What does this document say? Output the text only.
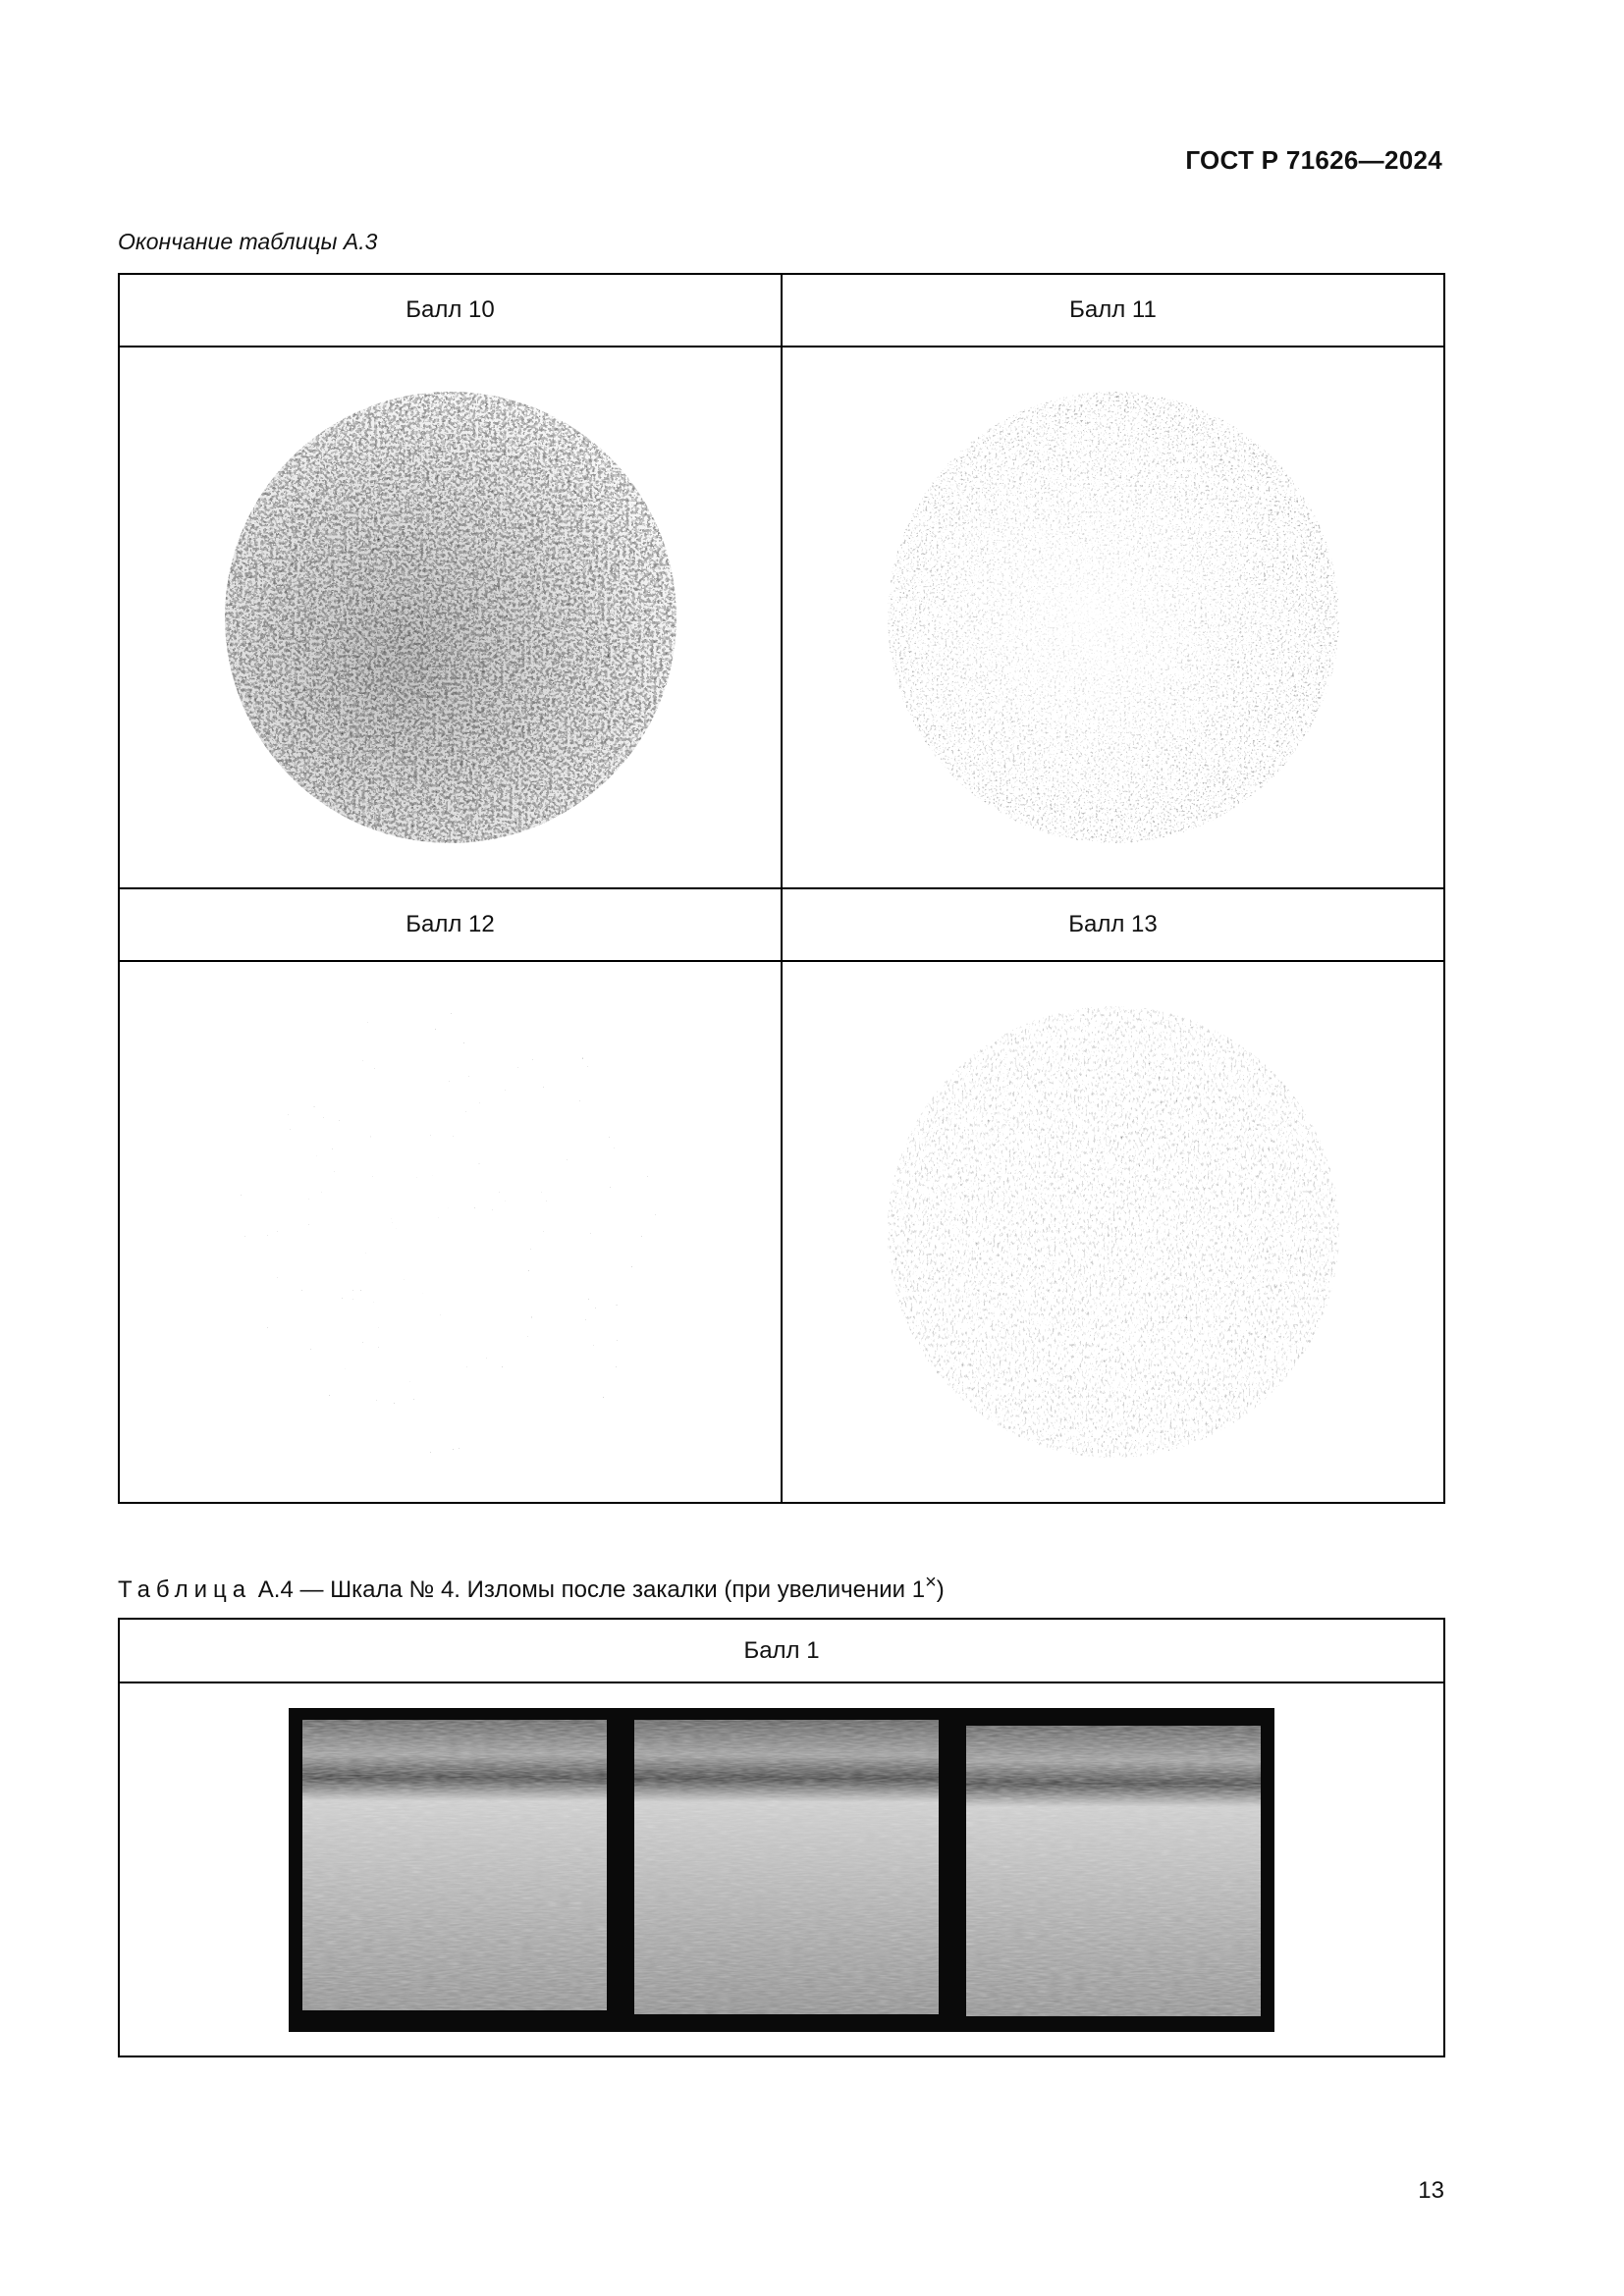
ГОСТ Р 71626—2024
Окончание таблицы А.3
Балл 10	Балл 11

Балл 12	Балл 13

Таблица А.4 — Шкала № 4. Изломы после закалки (при увеличении 1×)
Балл 1

13
